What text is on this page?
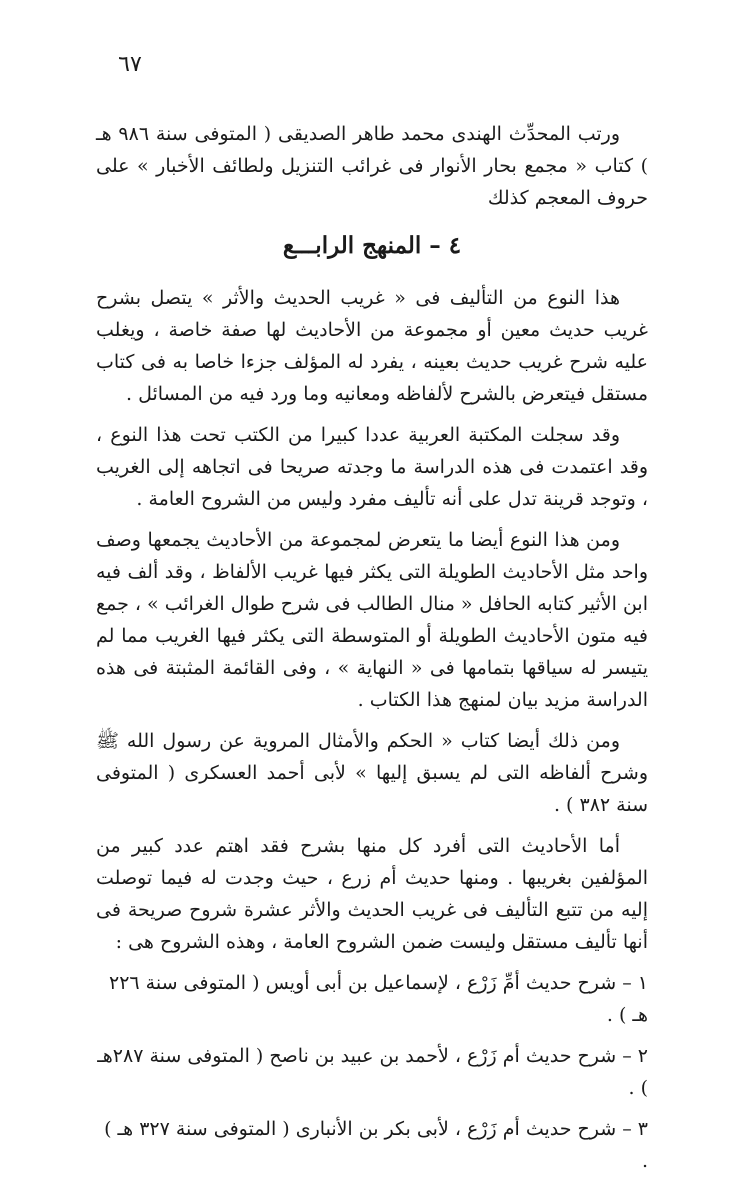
٦٧

ورتب المحدِّث الهندى محمد طاهر الصديقى ( المتوفى سنة ٩٨٦ هـ ) كتاب « مجمع بحار الأنوار فى غرائب التنزيل ولطائف الأخبار » على حروف المعجم كذلك

٤ – المنهج الرابـــع

هذا النوع من التأليف فى « غريب الحديث والأثر » يتصل بشرح غريب حديث معين أو مجموعة من الأحاديث لها صفة خاصة ، ويغلب عليه شرح غريب حديث بعينه ، يفرد له المؤلف جزءا خاصا به فى كتاب مستقل فيتعرض بالشرح لألفاظه ومعانيه وما ورد فيه من المسائل .

وقد سجلت المكتبة العربية عددا كبيرا من الكتب تحت هذا النوع ، وقد اعتمدت فى هذه الدراسة ما وجدته صريحا فى اتجاهه إلى الغريب ، وتوجد قرينة تدل على أنه تأليف مفرد وليس من الشروح العامة .

ومن هذا النوع أيضا ما يتعرض لمجموعة من الأحاديث يجمعها وصف واحد مثل الأحاديث الطويلة التى يكثر فيها غريب الألفاظ ، وقد ألف فيه ابن الأثير كتابه الحافل « منال الطالب فى شرح طوال الغرائب » ، جمع فيه متون الأحاديث الطويلة أو المتوسطة التى يكثر فيها الغريب مما لم يتيسر له سياقها بتمامها فى « النهاية » ، وفى القائمة المثبتة فى هذه الدراسة مزيد بيان لمنهج هذا الكتاب .

ومن ذلك أيضا كتاب « الحكم والأمثال المروية عن رسول الله ﷺ وشرح ألفاظه التى لم يسبق إليها » لأبى أحمد العسكرى ( المتوفى سنة ٣٨٢ ) .

أما الأحاديث التى أفرد كل منها بشرح فقد اهتم عدد كبير من المؤلفين بغريبها . ومنها حديث أم زرع ، حيث وجدت له فيما توصلت إليه من تتبع التأليف فى غريب الحديث والأثر عشرة شروح صريحة فى أنها تأليف مستقل وليست ضمن الشروح العامة ، وهذه الشروح هى :

١ – شرح حديث أمِّ زَرْع ، لإسماعيل بن أبى أويس ( المتوفى سنة ٢٢٦ هـ ) .

٢ – شرح حديث أم زَرْع ، لأحمد بن عبيد بن ناصح ( المتوفى سنة ٢٨٧هـ ) .

٣ – شرح حديث أم زَرْع ، لأبى بكر بن الأنبارى ( المتوفى سنة ٣٢٧ هـ ) .
